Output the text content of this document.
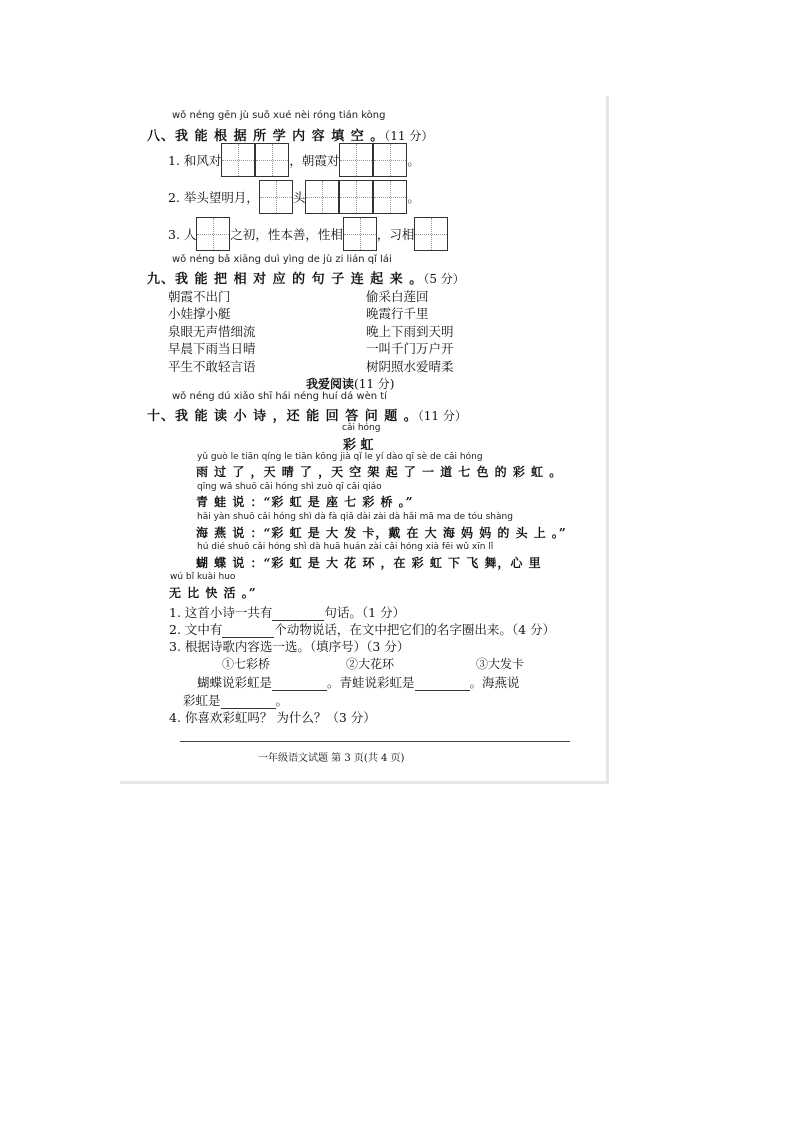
wǒ néng gēn jù suǒ xué nèi róng tián kòng
八、我 能 根 据 所 学 内 容 填 空 。（11 分）
1. 和风对	，朝霞对	。
2. 举头望明月，	头	。
3. 人	之初，性本善，性相	，习相
wǒ néng bǎ xiāng duì yìng de jù zi lián qǐ lái
九、我 能 把 相 对 应 的 句 子 连 起 来 。（5 分）
朝霞不出门
小娃撑小艇
泉眼无声惜细流
早晨下雨当日晴
平生不敢轻言语
偷采白莲回
晚霞行千里
晚上下雨到天明
一叫千门万户开
树阴照水爱晴柔
我爱阅读(11 分)
wǒ néng dú xiǎo shī hái néng huí dá wèn tí
十、我 能 读 小 诗 ，还 能 回 答 问 题 。（11 分）
cǎi hóng
彩 虹
yǔ guò le tiān qíng le tiān kōng jià qǐ le yí dào qī sè de cǎi hóng
雨 过 了 ，天 晴 了 ，天 空 架 起 了 一 道 七 色 的 彩 虹 。
qīng wā shuō cǎi hóng shì zuò qī cǎi qiáo
青 蛙 说 ：“彩 虹 是 座 七 彩 桥 。”
hǎi yàn shuō cǎi hóng shì dà fà qiǎ dài zài dà hǎi mā ma de tóu shàng
海 燕 说 ：“彩 虹 是 大 发 卡，戴 在 大 海 妈 妈 的 头 上 。”
hú dié shuō cǎi hóng shì dà huā huán zài cǎi hóng xià fēi wǔ xīn lǐ
蝴 蝶 说 ：“彩 虹 是 大 花 环 ，在 彩 虹 下 飞 舞，心 里
wú bǐ kuài huo
无 比 快 活 。”
1. 这首小诗一共有	句话。（1 分）
2. 文中有	个动物说话，在文中把它们的名字圈出来。（4 分）
3. 根据诗歌内容选一选。（填序号）（3 分）
①七彩桥	②大花环	③大发卡
蝴蝶说彩虹是	。青蛙说彩虹是	。海燕说
彩虹是	。
4. 你喜欢彩虹吗？ 为什么？（3 分）
一年级语文试题 第 3 页(共 4 页)
